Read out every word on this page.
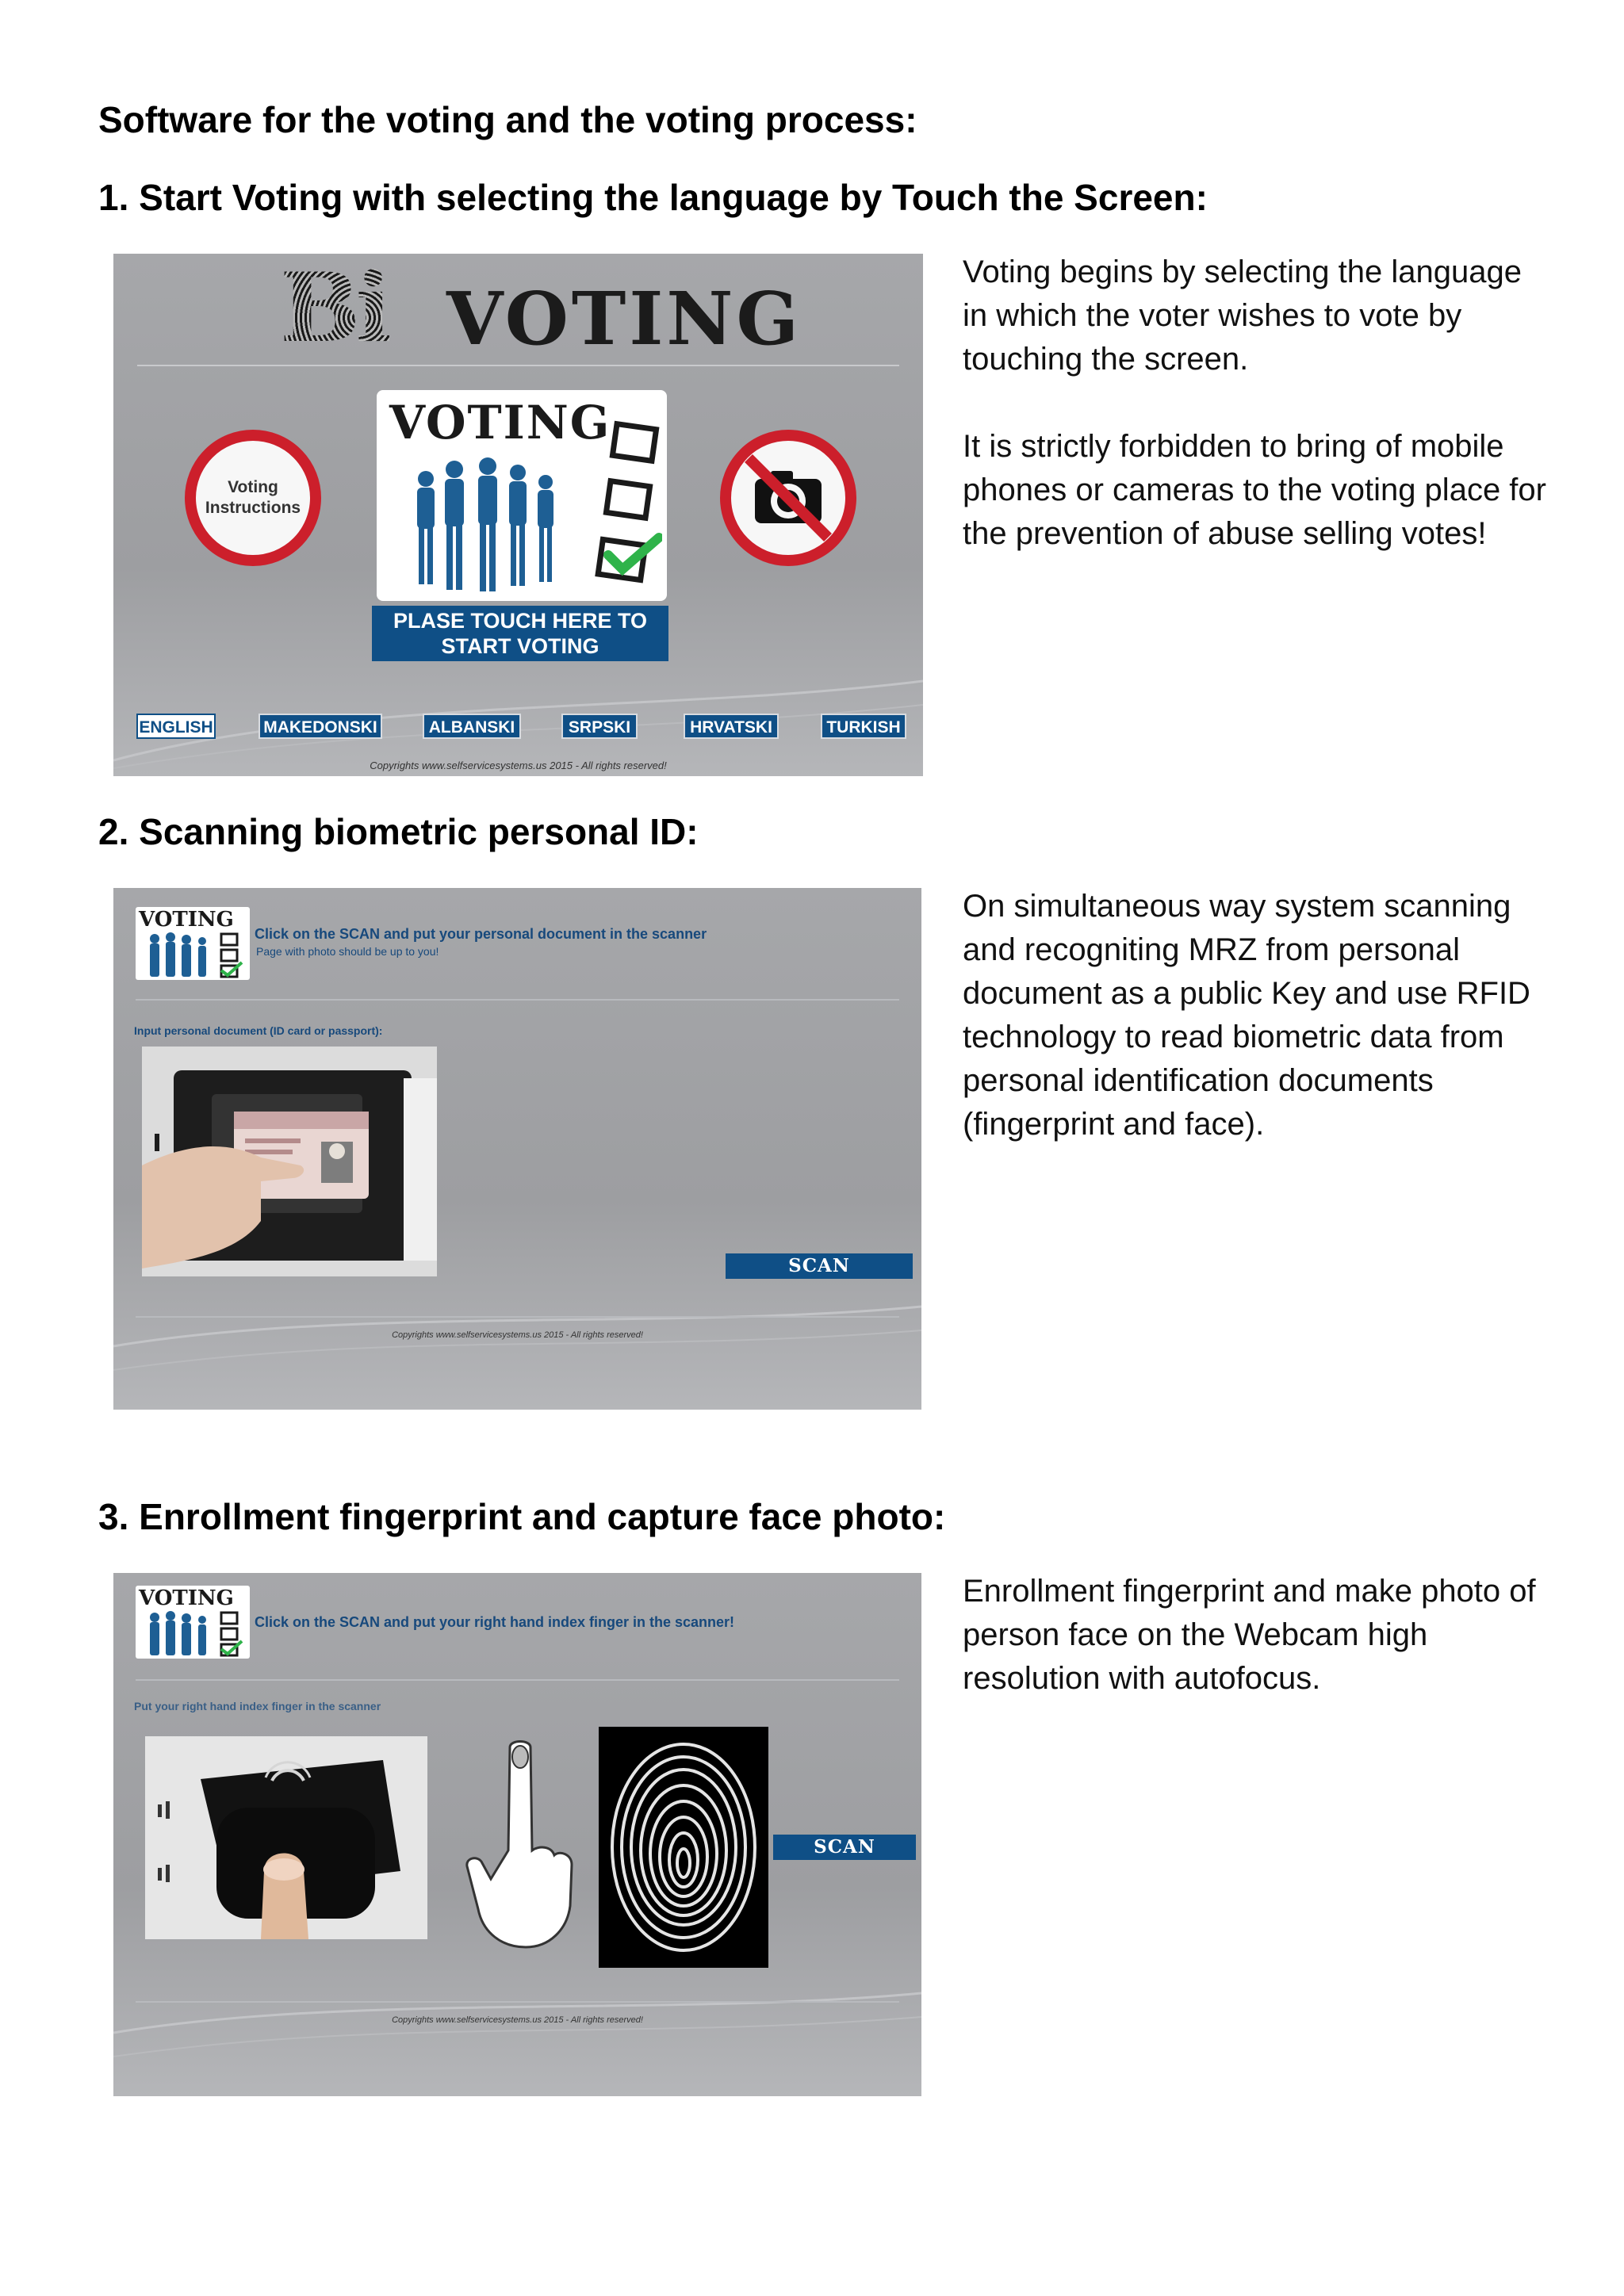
Software for the voting and the voting process:
1. Start Voting with selecting the language by Touch the Screen:
Bi VOTING
Voting Instructions
VOTING
PLASE TOUCH HERE TO START VOTING
ENGLISH	MAKEDONSKI	ALBANSKI	SRPSKI	HRVATSKI	TURKISH
Copyrights www.selfservicesystems.us 2015 - All rights reserved!

Voting begins by selecting the language in which the voter wishes to vote by touching the screen.

It is strictly forbidden to bring of mobile phones or cameras to the voting place for the prevention of abuse selling votes!

2. Scanning biometric personal ID:
VOTING
Click on the SCAN and put your personal document in the scanner
Page with photo should be up to you!
Input personal document (ID card or passport):
SCAN
Copyrights www.selfservicesystems.us 2015 - All rights reserved!

On simultaneous way system scanning and recogniting MRZ from personal document as a public Key and use RFID technology to read biometric data from personal identification documents (fingerprint and face).

3. Enrollment fingerprint and capture face photo:
VOTING
Click on the SCAN and put your right hand index finger in the scanner!
Put your right hand index finger in the scanner
SCAN
Copyrights www.selfservicesystems.us 2015 - All rights reserved!

Enrollment fingerprint and make photo of person face on the Webcam high resolution with autofocus.
